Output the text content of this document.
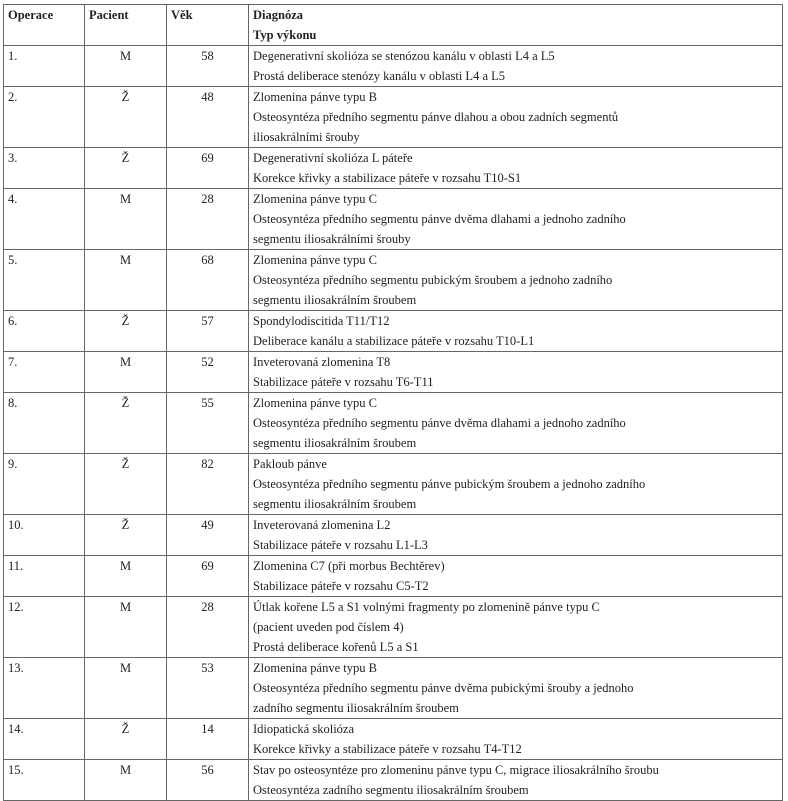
Operace	Pacient	Věk	Diagnóza
Typ výkonu

1.	M	58	Degenerativní skolióza se stenózou kanálu v oblasti L4 a L5
Prostá deliberace stenózy kanálu v oblasti L4 a L5

2.	Ž	48	Zlomenina pánve typu B
Osteosyntéza předního segmentu pánve dlahou a obou zadních segmentů
iliosakrálními šrouby

3.	Ž	69	Degenerativní skolióza L páteře
Korekce křivky a stabilizace páteře v rozsahu T10-S1

4.	M	28	Zlomenina pánve typu C
Osteosyntéza předního segmentu pánve dvěma dlahami a jednoho zadního
segmentu iliosakrálními šrouby

5.	M	68	Zlomenina pánve typu C
Osteosyntéza předního segmentu pubickým šroubem a jednoho zadního
segmentu iliosakrálním šroubem

6.	Ž	57	Spondylodiscitida T11/T12
Deliberace kanálu a stabilizace páteře v rozsahu T10-L1

7.	M	52	Inveterovaná zlomenina T8
Stabilizace páteře v rozsahu T6-T11

8.	Ž	55	Zlomenina pánve typu C
Osteosyntéza předního segmentu pánve dvěma dlahami a jednoho zadního
segmentu iliosakrálním šroubem

9.	Ž	82	Pakloub pánve
Osteosyntéza předního segmentu pánve pubickým šroubem a jednoho zadního
segmentu iliosakrálním šroubem

10.	Ž	49	Inveterovaná zlomenina L2
Stabilizace páteře v rozsahu L1-L3

11.	M	69	Zlomenina C7 (při morbus Bechtěrev)
Stabilizace páteře v rozsahu C5-T2

12.	M	28	Útlak kořene L5 a S1 volnými fragmenty po zlomenině pánve typu C
(pacient uveden pod číslem 4)
Prostá deliberace kořenů L5 a S1

13.	M	53	Zlomenina pánve typu B
Osteosyntéza předního segmentu pánve dvěma pubickými šrouby a jednoho
zadního segmentu iliosakrálním šroubem

14.	Ž	14	Idiopatická skolióza
Korekce křivky a stabilizace páteře v rozsahu T4-T12

15.	M	56	Stav po osteosyntéze pro zlomeninu pánve typu C, migrace iliosakrálního šroubu
Osteosyntéza zadního segmentu iliosakrálním šroubem
